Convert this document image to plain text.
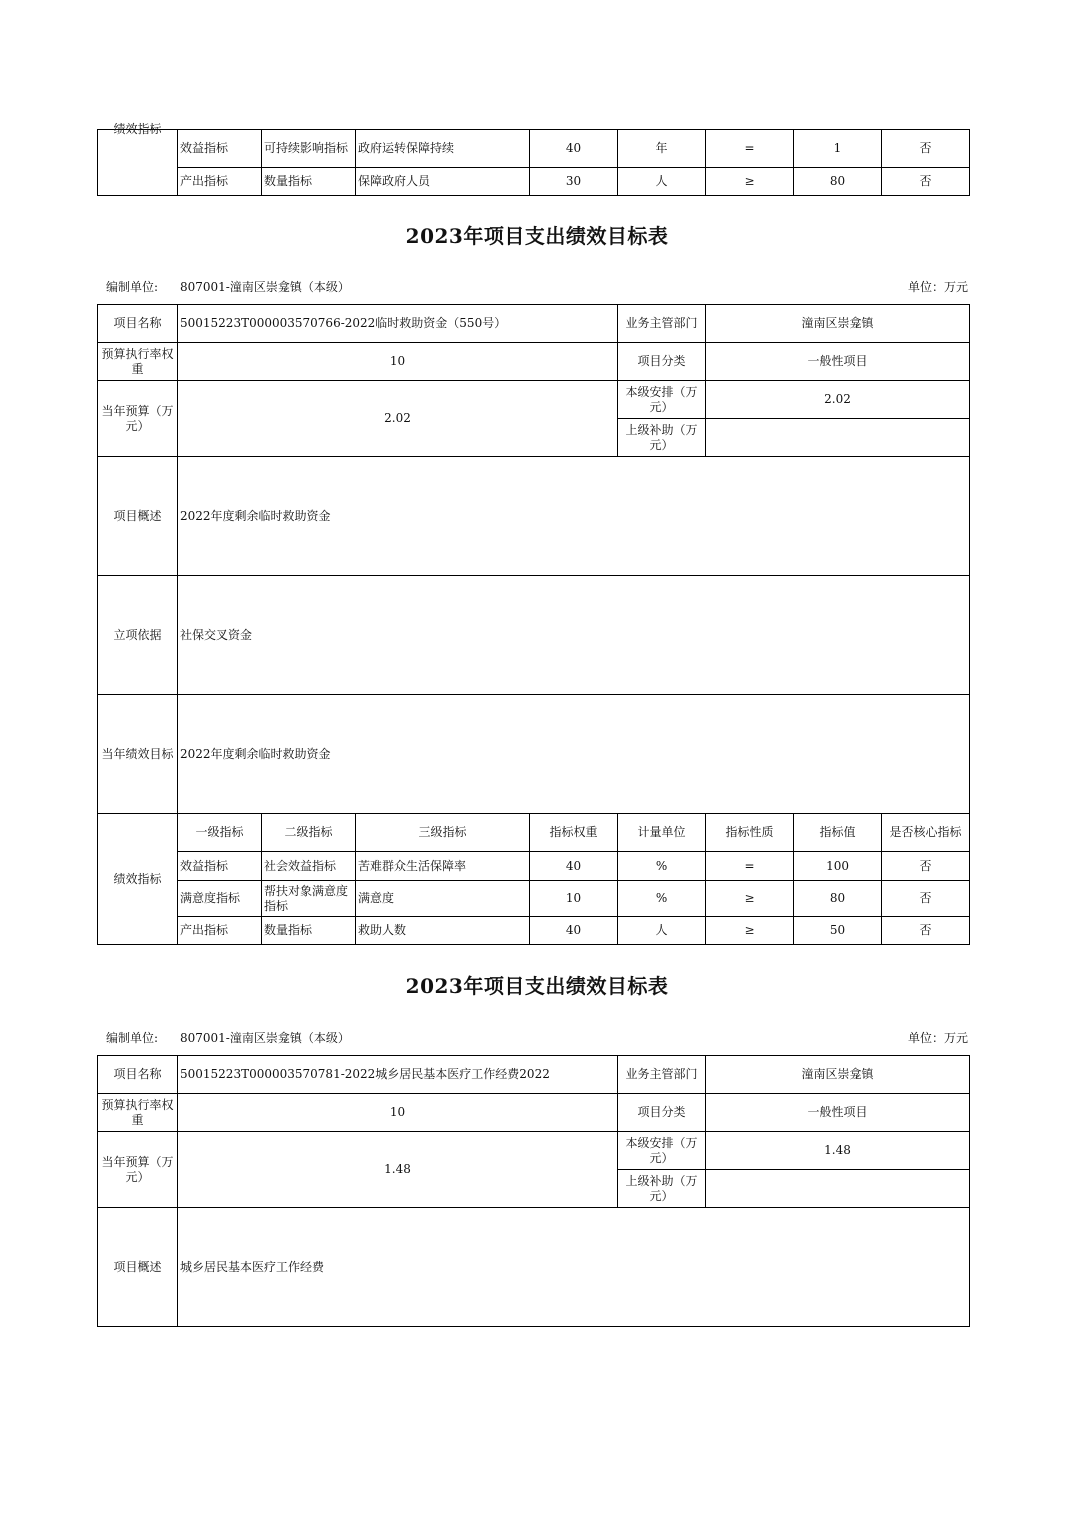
绩效指标	效益指标	可持续影响指标	政府运转保障持续	40	年	=	1	否
	产出指标	数量指标	保障政府人员	30	人	≥	80	否
2023年项目支出绩效目标表
编制单位: 807001-潼南区崇龛镇（本级）	单位：万元
项目名称	50015223T000003570766-2022临时救助资金（550号）				业务主管部门	潼南区崇龛镇		
预算执行率权重	10				项目分类	一般性项目		
当年预算（万元）	2.02				本级安排（万元）	2.02		
					上级补助（万元）			
项目概述	2022年度剩余临时救助资金							
立项依据	社保交叉资金							
当年绩效目标	2022年度剩余临时救助资金							
绩效指标	一级指标	二级指标	三级指标	指标权重	计量单位	指标性质	指标值	是否核心指标
	效益指标	社会效益指标	苦难群众生活保障率	40	%	=	100	否
	满意度指标	帮扶对象满意度指标	满意度	10	%	≥	80	否
	产出指标	数量指标	救助人数	40	人	≥	50	否
2023年项目支出绩效目标表
编制单位: 807001-潼南区崇龛镇（本级）	单位：万元
项目名称	50015223T000003570781-2022城乡居民基本医疗工作经费2022	业务主管部门	潼南区崇龛镇
预算执行率权重	10	项目分类	一般性项目
当年预算（万元）	1.48	本级安排（万元）	1.48
		上级补助（万元）	
项目概述	城乡居民基本医疗工作经费		
